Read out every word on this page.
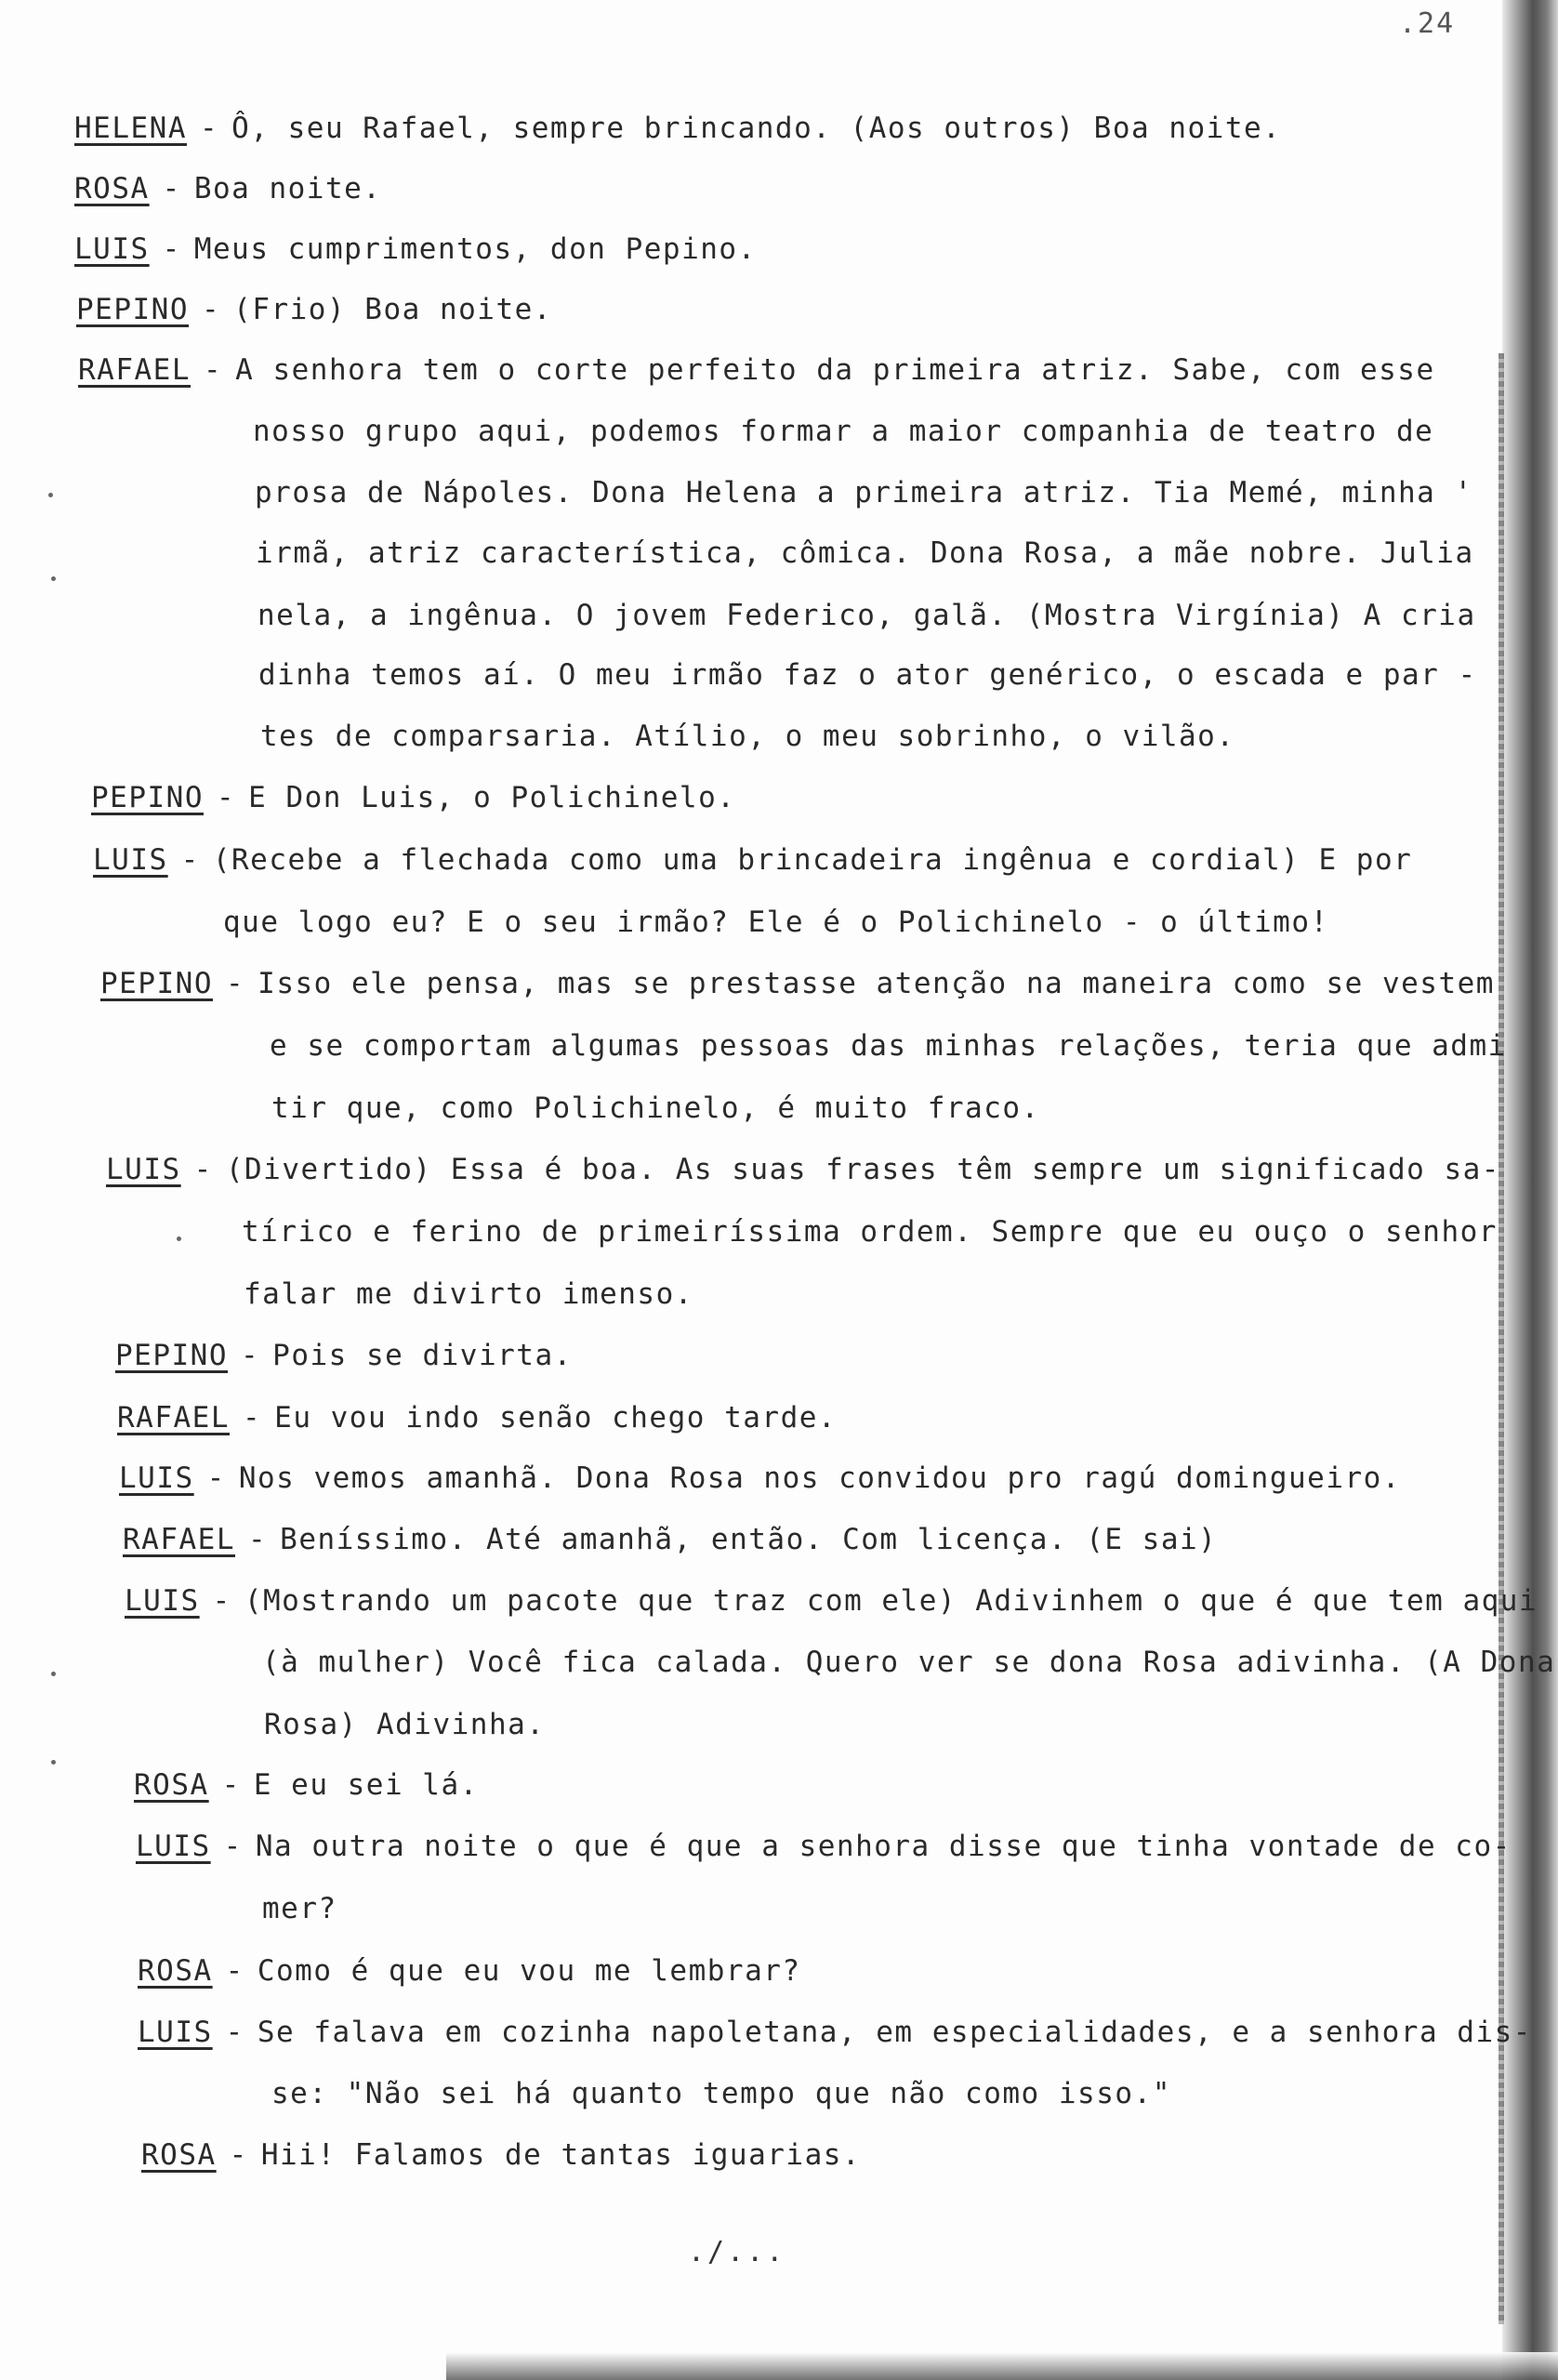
.24
HELENA - Ô, seu Rafael, sempre brincando. (Aos outros) Boa noite.
ROSA - Boa noite.
LUIS - Meus cumprimentos, don Pepino.
PEPINO - (Frio) Boa noite.
RAFAEL - A senhora tem o corte perfeito da primeira atriz. Sabe, com esse
nosso grupo aqui, podemos formar a maior companhia de teatro de
prosa de Nápoles. Dona Helena a primeira atriz. Tia Memé, minha '
irmã, atriz característica, cômica. Dona Rosa, a mãe nobre. Julia
nela, a ingênua. O jovem Federico, galã. (Mostra Virgínia) A cria
dinha temos aí. O meu irmão faz o ator genérico, o escada e par -
tes de comparsaria. Atílio, o meu sobrinho, o vilão.
PEPINO - E Don Luis, o Polichinelo.
LUIS - (Recebe a flechada como uma brincadeira ingênua e cordial) E por
que logo eu? E o seu irmão? Ele é o Polichinelo - o último!
PEPINO - Isso ele pensa, mas se prestasse atenção na maneira como se vestem
e se comportam algumas pessoas das minhas relações, teria que admi
tir que, como Polichinelo, é muito fraco.
LUIS - (Divertido) Essa é boa. As suas frases têm sempre um significado sa-
tírico e ferino de primeiríssima ordem. Sempre que eu ouço o senhor
falar me divirto imenso.
PEPINO - Pois se divirta.
RAFAEL - Eu vou indo senão chego tarde.
LUIS - Nos vemos amanhã. Dona Rosa nos convidou pro ragú domingueiro.
RAFAEL - Beníssimo. Até amanhã, então. Com licença. (E sai)
LUIS - (Mostrando um pacote que traz com ele) Adivinhem o que é que tem aqui
(à mulher) Você fica calada. Quero ver se dona Rosa adivinha. (A Dona
Rosa) Adivinha.
ROSA - E eu sei lá.
LUIS - Na outra noite o que é que a senhora disse que tinha vontade de co-
mer?
ROSA - Como é que eu vou me lembrar?
LUIS - Se falava em cozinha napoletana, em especialidades, e a senhora dis-
se: "Não sei há quanto tempo que não como isso."
ROSA - Hii! Falamos de tantas iguarias.
./...
